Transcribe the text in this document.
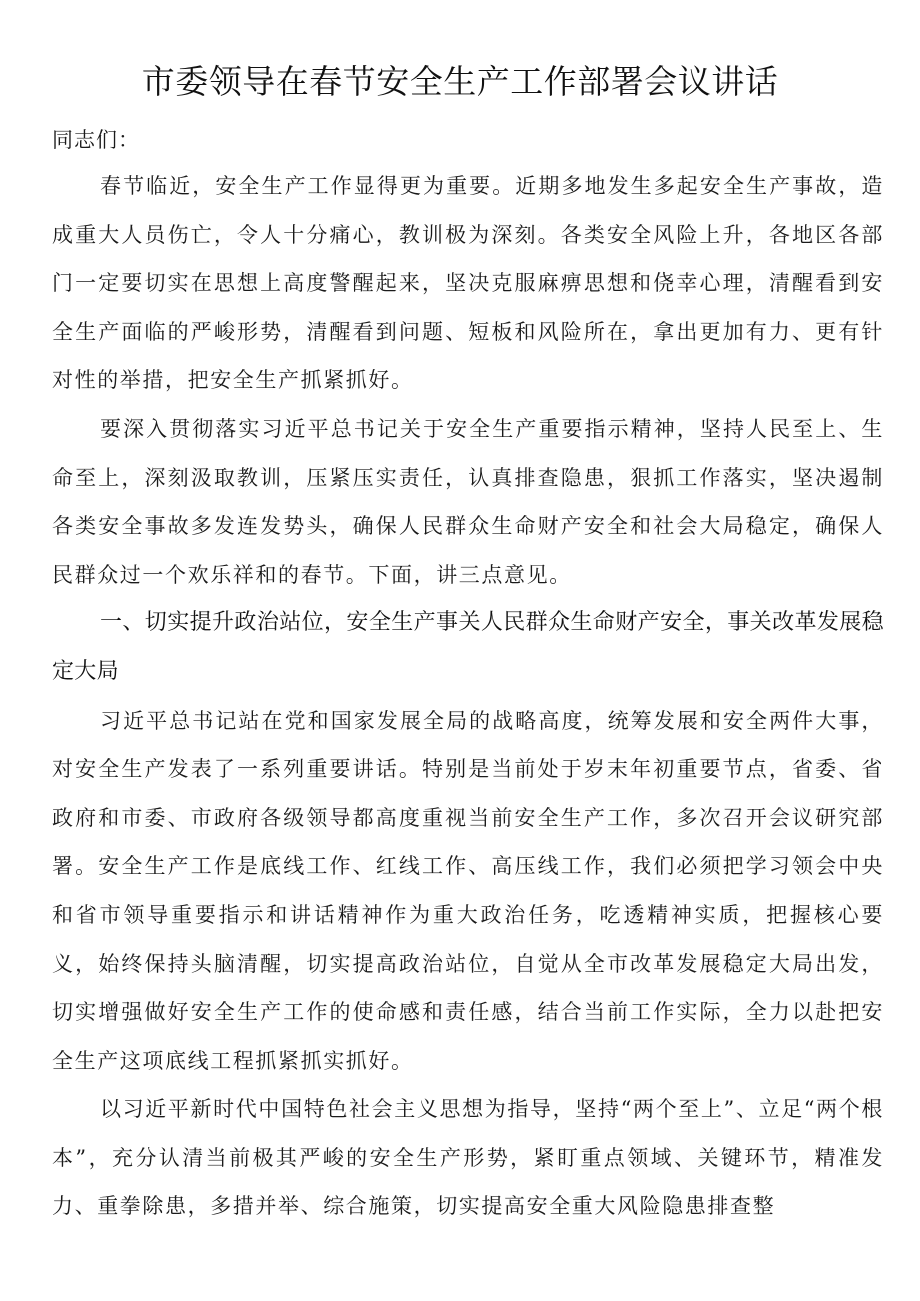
市委领导在春节安全生产工作部署会议讲话

同志们：

春节临近，安全生产工作显得更为重要。近期多地发生多起安全生产事故，造成重大人员伤亡，令人十分痛心，教训极为深刻。各类安全风险上升，各地区各部门一定要切实在思想上高度警醒起来，坚决克服麻痹思想和侥幸心理，清醒看到安全生产面临的严峻形势，清醒看到问题、短板和风险所在，拿出更加有力、更有针对性的举措，把安全生产抓紧抓好。

要深入贯彻落实习近平总书记关于安全生产重要指示精神，坚持人民至上、生命至上，深刻汲取教训，压紧压实责任，认真排查隐患，狠抓工作落实，坚决遏制各类安全事故多发连发势头，确保人民群众生命财产安全和社会大局稳定，确保人民群众过一个欢乐祥和的春节。下面，讲三点意见。

一、切实提升政治站位，安全生产事关人民群众生命财产安全，事关改革发展稳定大局

习近平总书记站在党和国家发展全局的战略高度，统筹发展和安全两件大事，对安全生产发表了一系列重要讲话。特别是当前处于岁末年初重要节点，省委、省政府和市委、市政府各级领导都高度重视当前安全生产工作，多次召开会议研究部署。安全生产工作是底线工作、红线工作、高压线工作，我们必须把学习领会中央和省市领导重要指示和讲话精神作为重大政治任务，吃透精神实质，把握核心要义，始终保持头脑清醒，切实提高政治站位，自觉从全市改革发展稳定大局出发，切实增强做好安全生产工作的使命感和责任感，结合当前工作实际，全力以赴把安全生产这项底线工程抓紧抓实抓好。

以习近平新时代中国特色社会主义思想为指导，坚持“两个至上”、立足“两个根本”，充分认清当前极其严峻的安全生产形势，紧盯重点领域、关键环节，精准发力、重拳除患，多措并举、综合施策，切实提高安全重大风险隐患排查整
